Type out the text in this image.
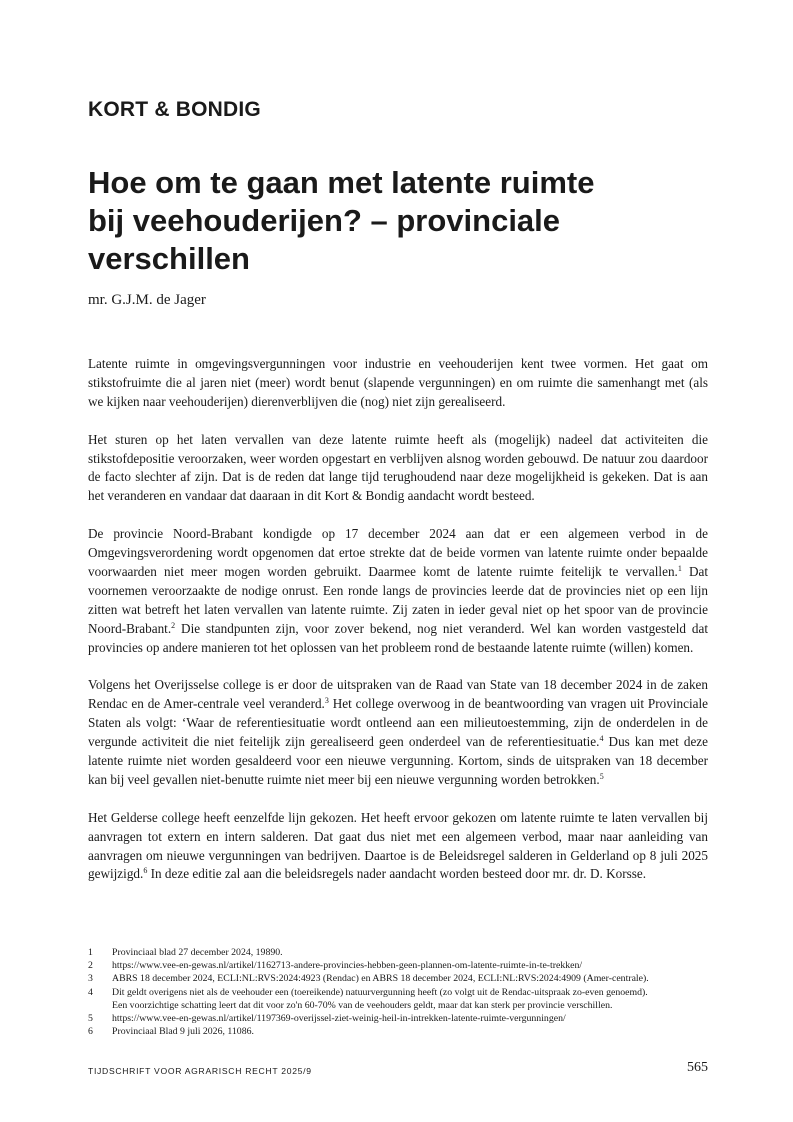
KORT & BONDIG
Hoe om te gaan met latente ruimte
bij veehouderijen? – provinciale
verschillen

mr. G.J.M. de Jager

Latente ruimte in omgevingsvergunningen voor industrie en veehouderijen kent twee vormen. Het gaat om stikstofruimte die al jaren niet (meer) wordt benut (slapende vergunningen) en om ruimte die samenhangt met (als we kijken naar veehouderijen) dierenverblijven die (nog) niet zijn gerealiseerd.

Het sturen op het laten vervallen van deze latente ruimte heeft als (mogelijk) nadeel dat activiteiten die stikstofdepositie veroorzaken, weer worden opgestart en verblijven alsnog worden gebouwd. De natuur zou daardoor de facto slechter af zijn. Dat is de reden dat lange tijd terughoudend naar deze mogelijkheid is gekeken. Dat is aan het veranderen en vandaar dat daaraan in dit Kort & Bondig aandacht wordt besteed.

De provincie Noord-Brabant kondigde op 17 december 2024 aan dat er een algemeen verbod in de Omgevingsverordening wordt opgenomen dat ertoe strekte dat de beide vormen van latente ruimte onder bepaalde voorwaarden niet meer mogen worden gebruikt. Daarmee komt de latente ruimte feitelijk te vervallen.$^1$ Dat voornemen veroorzaakte de nodige onrust. Een ronde langs de provincies leerde dat de provincies niet op een lijn zitten wat betreft het laten vervallen van latente ruimte. Zij zaten in ieder geval niet op het spoor van de provincie Noord-Brabant.$^2$ Die standpunten zijn, voor zover bekend, nog niet veranderd. Wel kan worden vastgesteld dat provincies op andere manieren tot het oplossen van het probleem rond de bestaande latente ruimte (willen) komen.

Volgens het Overijsselse college is er door de uitspraken van de Raad van State van 18 december 2024 in de zaken Rendac en de Amer-centrale veel veranderd.$^3$ Het college overwoog in de beantwoording van vragen uit Provinciale Staten als volgt: ‘Waar de referentiesituatie wordt ontleend aan een milieutoestemming, zijn de onderdelen in de vergunde activiteit die niet feitelijk zijn gerealiseerd geen onderdeel van de referentiesituatie.$^4$ Dus kan met deze latente ruimte niet worden gesaldeerd voor een nieuwe vergunning. Kortom, sinds de uitspraken van 18 december kan bij veel gevallen niet-benutte ruimte niet meer bij een nieuwe vergunning worden betrokken.$^5$

Het Gelderse college heeft eenzelfde lijn gekozen. Het heeft ervoor gekozen om latente ruimte te laten vervallen bij aanvragen tot extern en intern salderen. Dat gaat dus niet met een algemeen verbod, maar naar aanleiding van aanvragen om nieuwe vergunningen van bedrijven. Daartoe is de Beleidsregel salderen in Gelderland op 8 juli 2025 gewijzigd.$^6$ In deze editie zal aan die beleidsregels nader aandacht worden besteed door mr. dr. D. Korsse.

1	Provinciaal blad 27 december 2024, 19890.
2	https://www.vee-en-gewas.nl/artikel/1162713-andere-provincies-hebben-geen-plannen-om-latente-ruimte-in-te-trekken/
3	ABRS 18 december 2024, ECLI:NL:RVS:2024:4923 (Rendac) en ABRS 18 december 2024, ECLI:NL:RVS:2024:4909 (Amer-centrale).
4	Dit geldt overigens niet als de veehouder een (toereikende) natuurvergunning heeft (zo volgt uit de Rendac-uitspraak zo-even genoemd).
Een voorzichtige schatting leert dat dit voor zo'n 60-70% van de veehouders geldt, maar dat kan sterk per provincie verschillen.
5	https://www.vee-en-gewas.nl/artikel/1197369-overijssel-ziet-weinig-heil-in-intrekken-latente-ruimte-vergunningen/
6	Provinciaal Blad 9 juli 2026, 11086.
TIJDSCHRIFT VOOR AGRARISCH RECHT 2025/9	565
